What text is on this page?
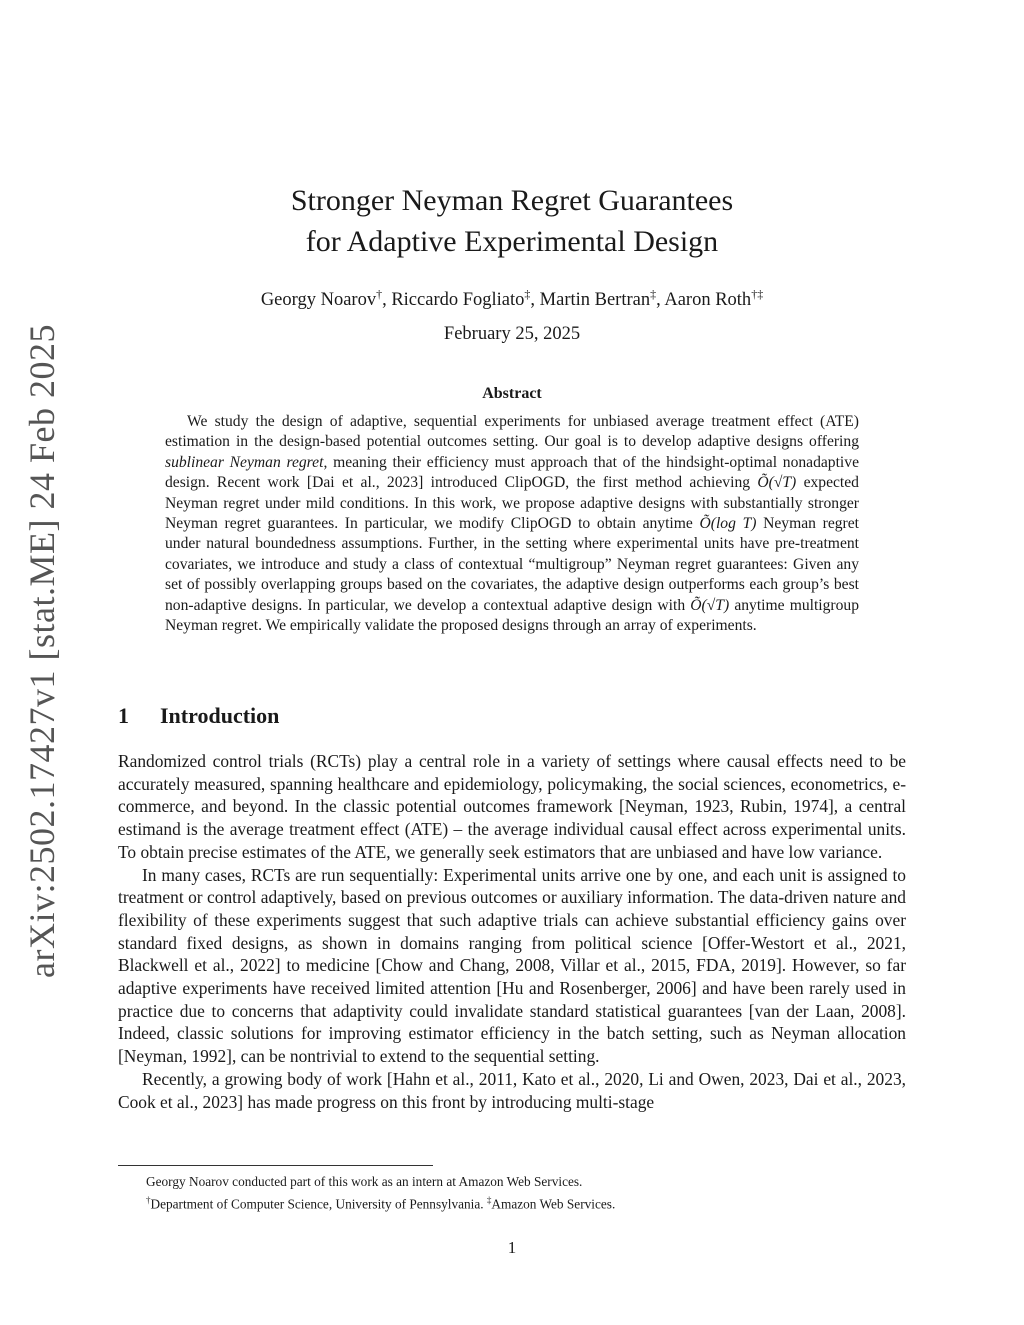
arXiv:2502.17427v1 [stat.ME] 24 Feb 2025
Stronger Neyman Regret Guarantees
for Adaptive Experimental Design
Georgy Noarov†, Riccardo Fogliato‡, Martin Bertran‡, Aaron Roth†‡
February 25, 2025
Abstract
We study the design of adaptive, sequential experiments for unbiased average treatment effect (ATE) estimation in the design-based potential outcomes setting. Our goal is to develop adaptive designs offering sublinear Neyman regret, meaning their efficiency must approach that of the hindsight-optimal nonadaptive design. Recent work [Dai et al., 2023] introduced ClipOGD, the first method achieving Õ(√T) expected Neyman regret under mild conditions. In this work, we propose adaptive designs with substantially stronger Neyman regret guarantees. In particular, we modify ClipOGD to obtain anytime Õ(log T) Neyman regret under natural boundedness assumptions. Further, in the setting where experimental units have pre-treatment covariates, we introduce and study a class of contextual “multigroup” Neyman regret guarantees: Given any set of possibly overlapping groups based on the covariates, the adaptive design outperforms each group’s best non-adaptive designs. In particular, we develop a contextual adaptive design with Õ(√T) anytime multigroup Neyman regret. We empirically validate the proposed designs through an array of experiments.
1 Introduction

Randomized control trials (RCTs) play a central role in a variety of settings where causal effects need to be accurately measured, spanning healthcare and epidemiology, policymaking, the social sciences, econometrics, e-commerce, and beyond. In the classic potential outcomes framework [Neyman, 1923, Rubin, 1974], a central estimand is the average treatment effect (ATE) – the average individual causal effect across experimental units. To obtain precise estimates of the ATE, we generally seek estimators that are unbiased and have low variance.

In many cases, RCTs are run sequentially: Experimental units arrive one by one, and each unit is assigned to treatment or control adaptively, based on previous outcomes or auxiliary information. The data-driven nature and flexibility of these experiments suggest that such adaptive trials can achieve substantial efficiency gains over standard fixed designs, as shown in domains ranging from political science [Offer-Westort et al., 2021, Blackwell et al., 2022] to medicine [Chow and Chang, 2008, Villar et al., 2015, FDA, 2019]. However, so far adaptive experiments have received limited attention [Hu and Rosenberger, 2006] and have been rarely used in practice due to concerns that adaptivity could invalidate standard statistical guarantees [van der Laan, 2008]. Indeed, classic solutions for improving estimator efficiency in the batch setting, such as Neyman allocation [Neyman, 1992], can be nontrivial to extend to the sequential setting.

Recently, a growing body of work [Hahn et al., 2011, Kato et al., 2020, Li and Owen, 2023, Dai et al., 2023, Cook et al., 2023] has made progress on this front by introducing multi-stage

Georgy Noarov conducted part of this work as an intern at Amazon Web Services.
†Department of Computer Science, University of Pennsylvania. ‡Amazon Web Services.
1
